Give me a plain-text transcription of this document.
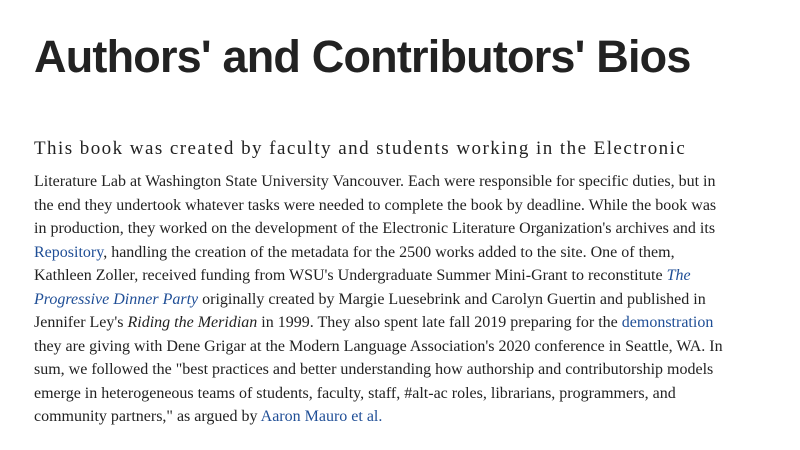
Authors' and Contributors' Bios

This book was created by faculty and students working in the Electronic

Literature Lab at Washington State University Vancouver. Each were responsible for specific duties, but in
the end they undertook whatever tasks were needed to complete the book by deadline. While the book was
in production, they worked on the development of the Electronic Literature Organization's archives and its
Repository, handling the creation of the metadata for the 2500 works added to the site. One of them,
Kathleen Zoller, received funding from WSU's Undergraduate Summer Mini-Grant to reconstitute The
Progressive Dinner Party originally created by Margie Luesebrink and Carolyn Guertin and published in
Jennifer Ley's Riding the Meridian in 1999. They also spent late fall 2019 preparing for the demonstration
they are giving with Dene Grigar at the Modern Language Association's 2020 conference in Seattle, WA. In
sum, we followed the "best practices and better understanding how authorship and contributorship models
emerge in heterogeneous teams of students, faculty, staff, #alt-ac roles, librarians, programmers, and
community partners," as argued by Aaron Mauro et al.
